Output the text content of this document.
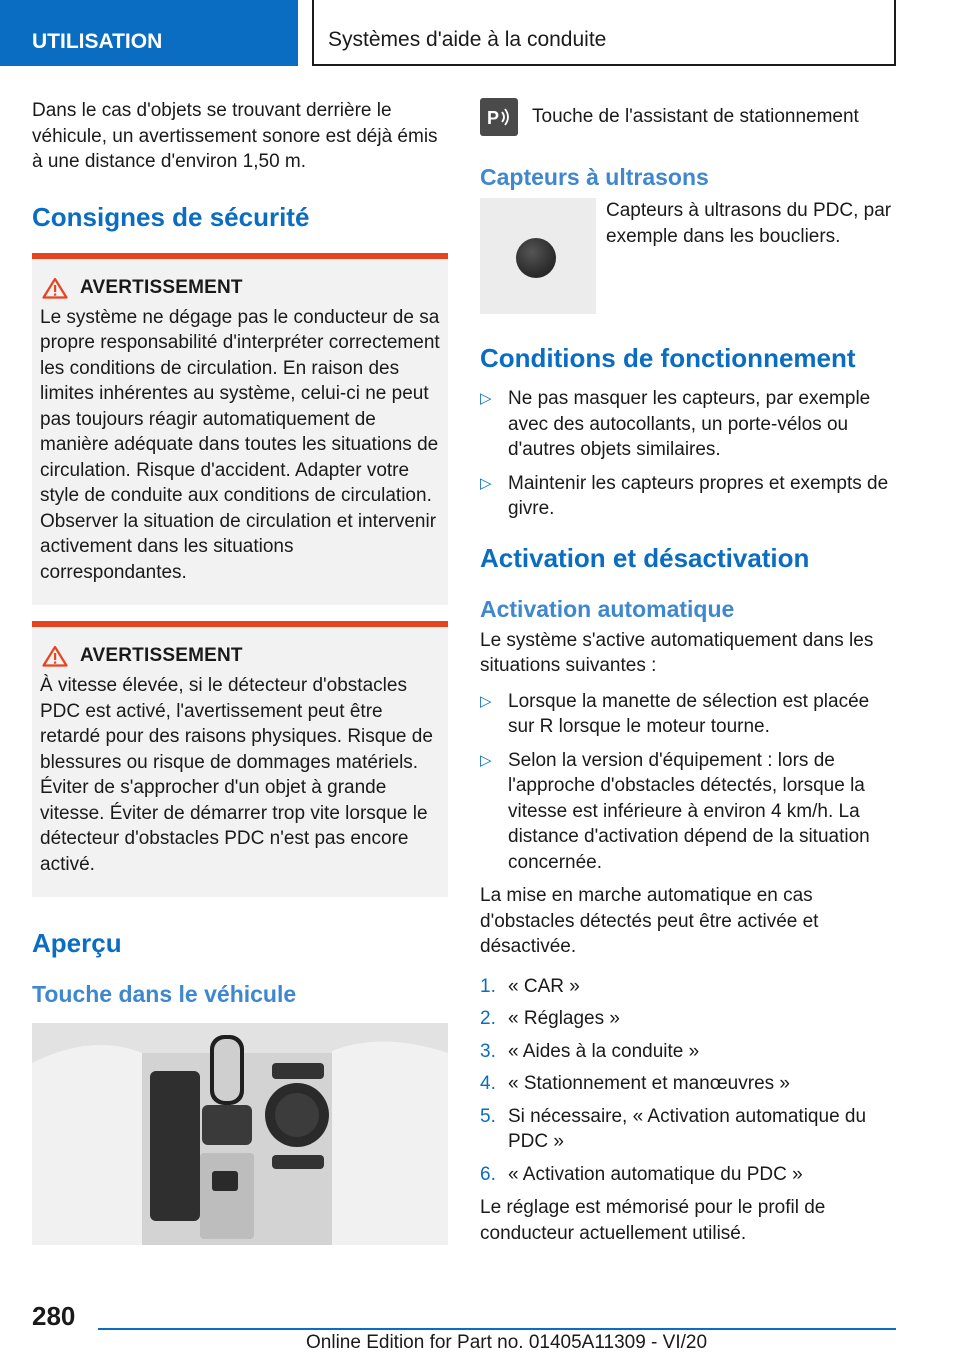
UTILISATION	Systèmes d'aide à la conduite

Dans le cas d'objets se trouvant derrière le véhicule, un avertissement sonore est déjà émis à une distance d'environ 1,50 m.

Consignes de sécurité
AVERTISSEMENT
Le système ne dégage pas le conducteur de sa propre responsabilité d'interpréter correctement les conditions de circulation. En raison des limites inhérentes au système, celui-ci ne peut pas toujours réagir automatiquement de manière adéquate dans toutes les situations de circulation. Risque d'accident. Adapter votre style de conduite aux conditions de circulation. Observer la situation de circulation et intervenir activement dans les situations correspondantes.
AVERTISSEMENT
À vitesse élevée, si le détecteur d'obstacles PDC est activé, l'avertissement peut être retardé pour des raisons physiques. Risque de blessures ou risque de dommages matériels. Éviter de s'approcher d'un objet à grande vitesse. Éviter de démarrer trop vite lorsque le détecteur d'obstacles PDC n'est pas encore activé.
Aperçu
Touche dans le véhicule
P Touche de l'assistant de stationnement
Capteurs à ultrasons

Capteurs à ultrasons du PDC, par exemple dans les boucliers.

Conditions de fonctionnement
▷ Ne pas masquer les capteurs, par exemple avec des autocollants, un porte-vélos ou d'autres objets similaires.
▷ Maintenir les capteurs propres et exempts de givre.
Activation et désactivation
Activation automatique

Le système s'active automatiquement dans les situations suivantes :

▷ Lorsque la manette de sélection est placée sur R lorsque le moteur tourne.
▷ Selon la version d'équipement : lors de l'approche d'obstacles détectés, lorsque la vitesse est inférieure à environ 4 km/h. La distance d'activation dépend de la situation concernée.

La mise en marche automatique en cas d'obstacles détectés peut être activée et désactivée.

1. « CAR »
2. « Réglages »
3. « Aides à la conduite »
4. « Stationnement et manœuvres »
5. Si nécessaire, « Activation automatique du PDC »
6. « Activation automatique du PDC »

Le réglage est mémorisé pour le profil de conducteur actuellement utilisé.

280
Online Edition for Part no. 01405A11309 - VI/20
